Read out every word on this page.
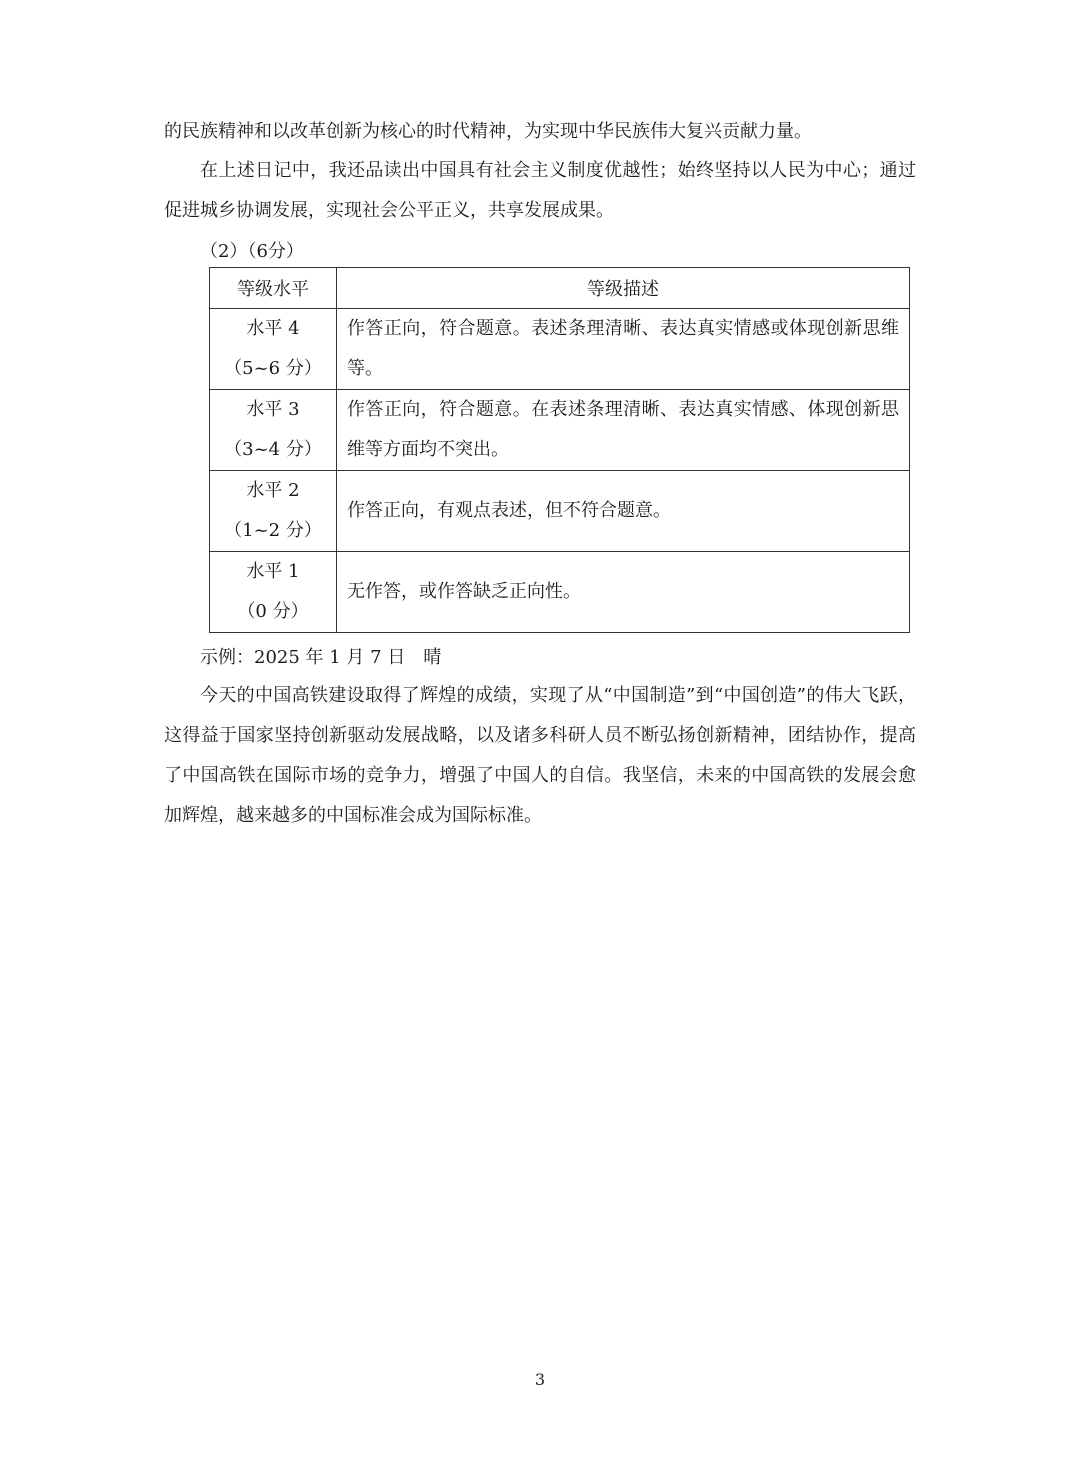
的民族精神和以改革创新为核心的时代精神，为实现中华民族伟大复兴贡献力量。
在上述日记中，我还品读出中国具有社会主义制度优越性；始终坚持以人民为中心；通过促进城乡协调发展，实现社会公平正义，共享发展成果。
（2）（6分）
等级水平	等级描述

水平 4
（5~6 分）	作答正向，符合题意。表述条理清晰、表达真实情感或体现创新思维等。

水平 3
（3~4 分）	作答正向，符合题意。在表述条理清晰、表达真实情感、体现创新思维等方面均不突出。

水平 2
（1~2 分）	作答正向，有观点表述，但不符合题意。

水平 1
（0 分）	无作答，或作答缺乏正向性。
示例：2025 年 1 月 7 日　晴
今天的中国高铁建设取得了辉煌的成绩，实现了从“中国制造”到“中国创造”的伟大飞跃，这得益于国家坚持创新驱动发展战略，以及诸多科研人员不断弘扬创新精神，团结协作，提高了中国高铁在国际市场的竞争力，增强了中国人的自信。我坚信，未来的中国高铁的发展会愈加辉煌，越来越多的中国标准会成为国际标准。
3
